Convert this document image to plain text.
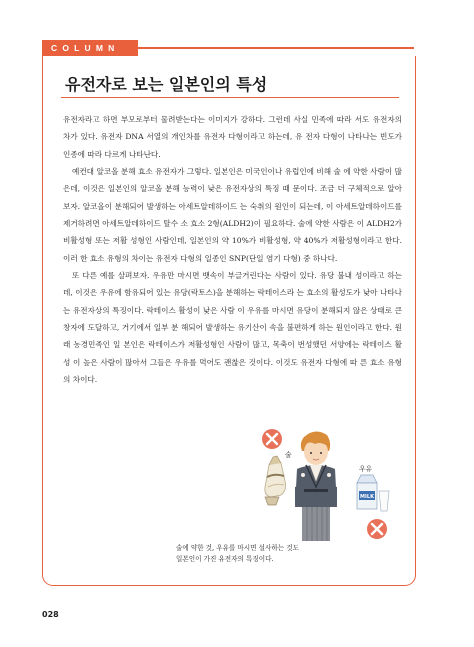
COLUMN
유전자로 보는 일본인의 특성

유전자라고 하면 부모로부터 물려받는다는 이미지가 강하다. 그런데 사실 민족에 따라 서도 유전자의 차가 있다. 유전자 DNA 서열의 개인차를 유전자 다형이라고 하는데, 유 전자 다형이 나타나는 빈도가 인종에 따라 다르게 나타난다.

예컨대 알코올 분해 효소 유전자가 그렇다. 일본인은 미국인이나 유럽인에 비해 술 에 약한 사람이 많은데, 이것은 일본인의 알코올 분해 능력이 낮은 유전자상의 특징 때 문이다. 조금 더 구체적으로 알아보자. 알코올이 분해되어 발생하는 아세트알데하이드 는 숙취의 원인이 되는데, 이 아세트알데하이드를 제거하려면 아세트알데하이드 탈수 소 효소 2형(ALDH2)이 필요하다. 술에 약한 사람은 이 ALDH2가 비활성형 또는 저활 성형인 사람인데, 일본인의 약 10%가 비활성형, 약 40%가 저활성형이라고 한다. 이러 한 효소 유형의 차이는 유전자 다형의 일종인 SNP(단일 염기 다형) 중 하나다.

또 다른 예를 살펴보자. 우유만 마시면 뱃속이 부글거린다는 사람이 있다. 유당 불내 성이라고 하는데, 이것은 우유에 함유되어 있는 유당(락토스)을 분해하는 락테이스라 는 효소의 활성도가 낮아 나타나는 유전자상의 특징이다. 락테이스 활성이 낮은 사람 이 우유를 마시면 유당이 분해되지 않은 상태로 큰창자에 도달하고, 거기에서 일부 분 해되어 발생하는 유기산이 속을 불편하게 하는 원인이라고 한다. 원래 농경민족인 일 본인은 락테이스가 저활성형인 사람이 많고, 목축이 번성했던 서양에는 락테이스 활성 이 높은 사람이 많아서 그들은 우유를 먹어도 괜찮은 것이다. 이것도 유전자 다형에 따 른 효소 유형의 차이다.

MILK
술
우유
술에 약한 것, 우유를 마시면 설사하는 것도
일본인이 가진 유전자의 특징이다.
028
